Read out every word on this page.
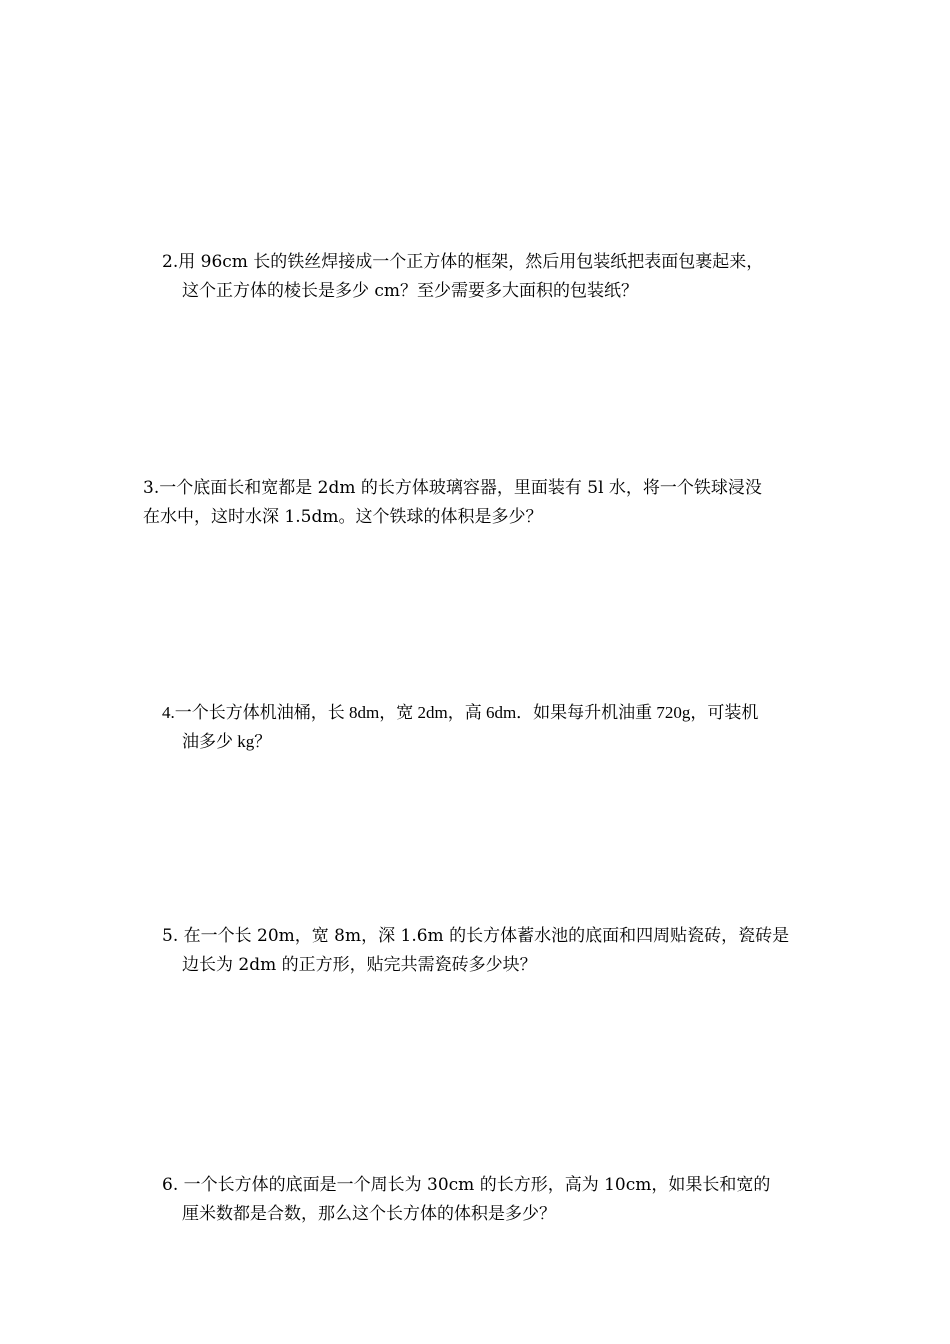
2.用 96cm 长的铁丝焊接成一个正方体的框架，然后用包装纸把表面包裹起来，
这个正方体的棱长是多少 cm？至少需要多大面积的包装纸？
3.一个底面长和宽都是 2dm 的长方体玻璃容器，里面装有 5l 水，将一个铁球浸没
在水中，这时水深 1.5dm。这个铁球的体积是多少？
4.一个长方体机油桶，长 8dm，宽 2dm，高 6dm．如果每升机油重 720g，可装机
油多少 kg？
5. 在一个长 20m，宽 8m，深 1.6m 的长方体蓄水池的底面和四周贴瓷砖，瓷砖是
边长为 2dm 的正方形，贴完共需瓷砖多少块？
6. 一个长方体的底面是一个周长为 30cm 的长方形，高为 10cm，如果长和宽的
厘米数都是合数，那么这个长方体的体积是多少？
